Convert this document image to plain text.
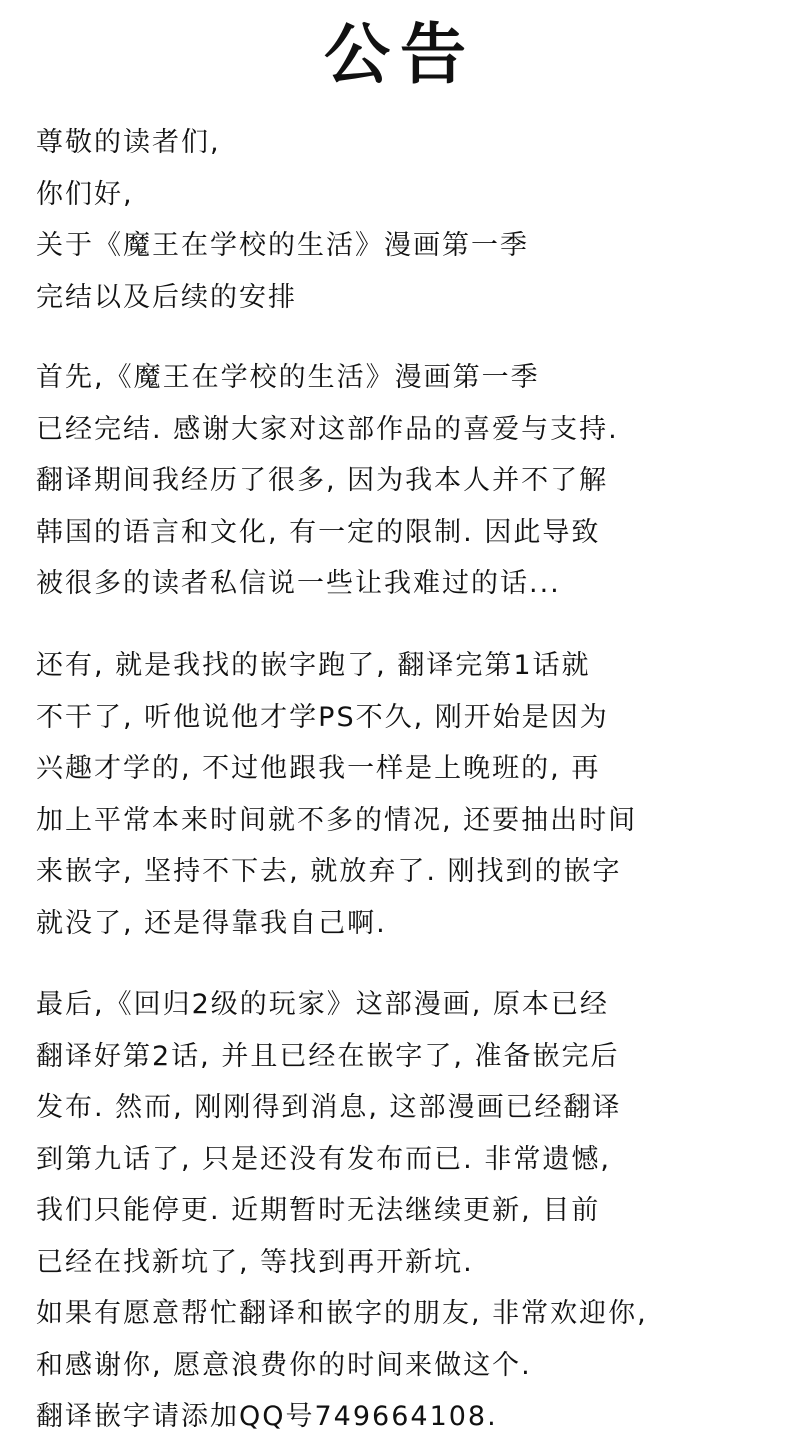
公告
尊敬的读者们,
你们好,
关于《魔王在学校的生活》漫画第一季
完结以及后续的安排
首先,《魔王在学校的生活》漫画第一季
已经完结. 感谢大家对这部作品的喜爱与支持.
翻译期间我经历了很多, 因为我本人并不了解
韩国的语言和文化, 有一定的限制. 因此导致
被很多的读者私信说一些让我难过的话...
还有, 就是我找的嵌字跑了, 翻译完第1话就
不干了, 听他说他才学PS不久, 刚开始是因为
兴趣才学的, 不过他跟我一样是上晚班的, 再
加上平常本来时间就不多的情况, 还要抽出时间
来嵌字, 坚持不下去, 就放弃了. 刚找到的嵌字
就没了, 还是得靠我自己啊.
最后,《回归2级的玩家》这部漫画, 原本已经
翻译好第2话, 并且已经在嵌字了, 准备嵌完后
发布. 然而, 刚刚得到消息, 这部漫画已经翻译
到第九话了, 只是还没有发布而已. 非常遗憾,
我们只能停更. 近期暂时无法继续更新, 目前
已经在找新坑了, 等找到再开新坑.
如果有愿意帮忙翻译和嵌字的朋友, 非常欢迎你,
和感谢你, 愿意浪费你的时间来做这个.
翻译嵌字请添加QQ号749664108.
